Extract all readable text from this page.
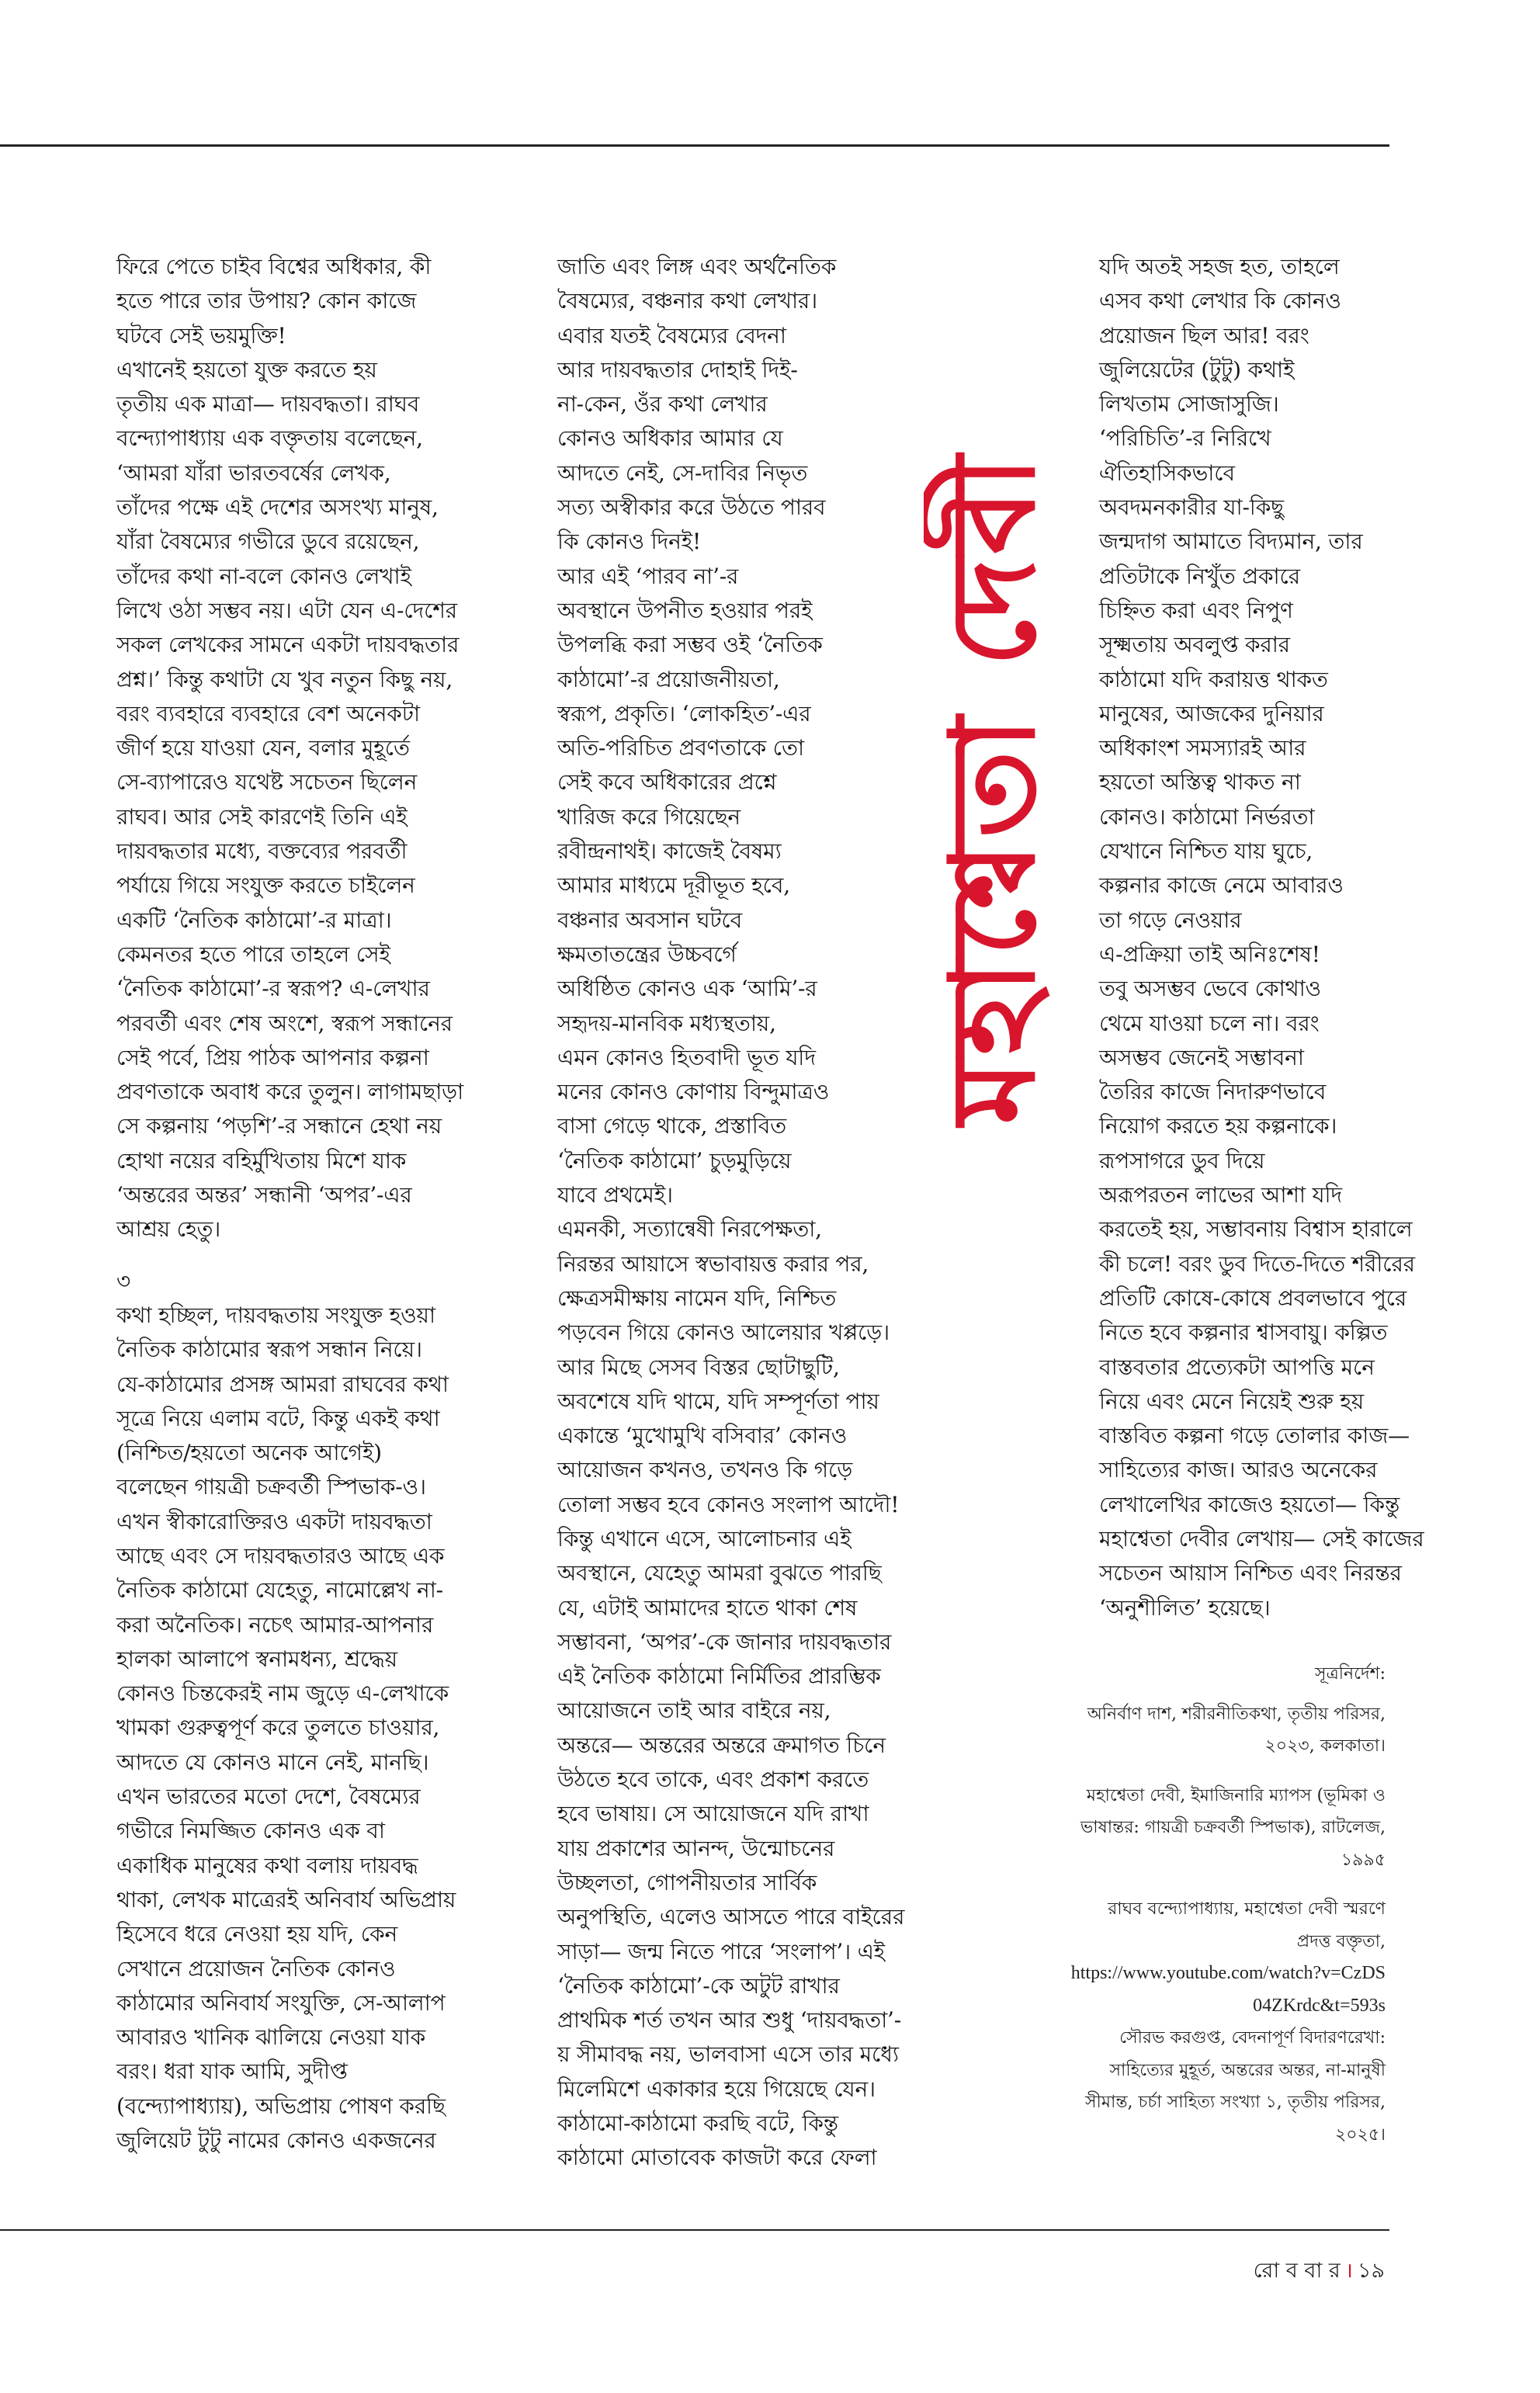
ফিরে পেতে চাইব বিশ্বের অধিকার, কী

হতে পারে তার উপায়? কোন কাজে

ঘটবে সেই ভয়মুক্তি!

এখানেই হয়তো যুক্ত করতে হয়

তৃতীয় এক মাত্রা— দায়বদ্ধতা। রাঘব

বন্দ্যোপাধ্যায় এক বক্তৃতায় বলেছেন,

‘আমরা যাঁরা ভারতবর্ষের লেখক,

তাঁদের পক্ষে এই দেশের অসংখ্য মানুষ,

যাঁরা বৈষম্যের গভীরে ডুবে রয়েছেন,

তাঁদের কথা না-বলে কোনও লেখাই

লিখে ওঠা সম্ভব নয়। এটা যেন এ-দেশের

সকল লেখকের সামনে একটা দায়বদ্ধতার

প্রশ্ন।’ কিন্তু কথাটা যে খুব নতুন কিছু নয়,

বরং ব্যবহারে ব্যবহারে বেশ অনেকটা

জীর্ণ হয়ে যাওয়া যেন, বলার মুহূর্তে

সে-ব্যাপারেও যথেষ্ট সচেতন ছিলেন

রাঘব। আর সেই কারণেই তিনি এই

দায়বদ্ধতার মধ্যে, বক্তব্যের পরবর্তী

পর্যায়ে গিয়ে সংযুক্ত করতে চাইলেন

একটি ‘নৈতিক কাঠামো’-র মাত্রা।

কেমনতর হতে পারে তাহলে সেই

‘নৈতিক কাঠামো’-র স্বরূপ? এ-লেখার

পরবর্তী এবং শেষ অংশে, স্বরূপ সন্ধানের

সেই পর্বে, প্রিয় পাঠক আপনার কল্পনা

প্রবণতাকে অবাধ করে তুলুন। লাগামছাড়া

সে কল্পনায় ‘পড়শি’-র সন্ধানে হেথা নয়

হোথা নয়ের বহির্মুখিতায় মিশে যাক

‘অন্তরের অন্তর’ সন্ধানী ‘অপর’-এর

আশ্রয় হেতু।

৩

কথা হচ্ছিল, দায়বদ্ধতায় সংযুক্ত হওয়া

নৈতিক কাঠামোর স্বরূপ সন্ধান নিয়ে।

যে-কাঠামোর প্রসঙ্গ আমরা রাঘবের কথা

সূত্রে নিয়ে এলাম বটে, কিন্তু একই কথা

(নিশ্চিত/হয়তো অনেক আগেই)

বলেছেন গায়ত্রী চক্রবর্তী স্পিভাক-ও।

এখন স্বীকারোক্তিরও একটা দায়বদ্ধতা

আছে এবং সে দায়বদ্ধতারও আছে এক

নৈতিক কাঠামো যেহেতু, নামোল্লেখ না-

করা অনৈতিক। নচেৎ আমার-আপনার

হালকা আলাপে স্বনামধন্য, শ্রদ্ধেয়

কোনও চিন্তকেরই নাম জুড়ে এ-লেখাকে

খামকা গুরুত্বপূর্ণ করে তুলতে চাওয়ার,

আদতে যে কোনও মানে নেই, মানছি।

এখন ভারতের মতো দেশে, বৈষম্যের

গভীরে নিমজ্জিত কোনও এক বা

একাধিক মানুষের কথা বলায় দায়বদ্ধ

থাকা, লেখক মাত্রেরই অনিবার্য অভিপ্রায়

হিসেবে ধরে নেওয়া হয় যদি, কেন

সেখানে প্রয়োজন নৈতিক কোনও

কাঠামোর অনিবার্য সংযুক্তি, সে-আলাপ

আবারও খানিক ঝালিয়ে নেওয়া যাক

বরং। ধরা যাক আমি, সুদীপ্ত

(বন্দ্যোপাধ্যায়), অভিপ্রায় পোষণ করছি

জুলিয়েট টুটু নামের কোনও একজনের

জাতি এবং লিঙ্গ এবং অর্থনৈতিক

বৈষম্যের, বঞ্চনার কথা লেখার।

এবার যতই বৈষম্যের বেদনা

আর দায়বদ্ধতার দোহাই দিই-

না-কেন, ওঁর কথা লেখার

কোনও অধিকার আমার যে

আদতে নেই, সে-দাবির নিভৃত

সত্য অস্বীকার করে উঠতে পারব

কি কোনও দিনই!

আর এই ‘পারব না’-র

অবস্থানে উপনীত হওয়ার পরই

উপলব্ধি করা সম্ভব ওই ‘নৈতিক

কাঠামো’-র প্রয়োজনীয়তা,

স্বরূপ, প্রকৃতি। ‘লোকহিত’-এর

অতি-পরিচিত প্রবণতাকে তো

সেই কবে অধিকারের প্রশ্নে

খারিজ করে গিয়েছেন

রবীন্দ্রনাথই। কাজেই বৈষম্য

আমার মাধ্যমে দূরীভূত হবে,

বঞ্চনার অবসান ঘটবে

ক্ষমতাতন্ত্রের উচ্চবর্গে

অধিষ্ঠিত কোনও এক ‘আমি’-র

সহৃদয়-মানবিক মধ্যস্থতায়,

এমন কোনও হিতবাদী ভূত যদি

মনের কোনও কোণায় বিন্দুমাত্রও

বাসা গেড়ে থাকে, প্রস্তাবিত

‘নৈতিক কাঠামো’ চুড়মুড়িয়ে

যাবে প্রথমেই।

এমনকী, সত্যান্বেষী নিরপেক্ষতা,

নিরন্তর আয়াসে স্বভাবায়ত্ত করার পর,

ক্ষেত্রসমীক্ষায় নামেন যদি, নিশ্চিত

পড়বেন গিয়ে কোনও আলেয়ার খপ্পড়ে।

আর মিছে সেসব বিস্তর ছোটাছুটি,

অবশেষে যদি থামে, যদি সম্পূর্ণতা পায়

একান্তে ‘মুখোমুখি বসিবার’ কোনও

আয়োজন কখনও, তখনও কি গড়ে

তোলা সম্ভব হবে কোনও সংলাপ আদৌ!

কিন্তু এখানে এসে, আলোচনার এই

অবস্থানে, যেহেতু আমরা বুঝতে পারছি

যে, এটাই আমাদের হাতে থাকা শেষ

সম্ভাবনা, ‘অপর’-কে জানার দায়বদ্ধতার

এই নৈতিক কাঠামো নির্মিতির প্রারম্ভিক

আয়োজনে তাই আর বাইরে নয়,

অন্তরে— অন্তরের অন্তরে ক্রমাগত চিনে

উঠতে হবে তাকে, এবং প্রকাশ করতে

হবে ভাষায়। সে আয়োজনে যদি রাখা

যায় প্রকাশের আনন্দ, উন্মোচনের

উচ্ছলতা, গোপনীয়তার সার্বিক

অনুপস্থিতি, এলেও আসতে পারে বাইরের

সাড়া— জন্ম নিতে পারে ‘সংলাপ’। এই

‘নৈতিক কাঠামো’-কে অটুট রাখার

প্রাথমিক শর্ত তখন আর শুধু ‘দায়বদ্ধতা’-

য় সীমাবদ্ধ নয়, ভালবাসা এসে তার মধ্যে

মিলেমিশে একাকার হয়ে গিয়েছে যেন।

কাঠামো-কাঠামো করছি বটে, কিন্তু

কাঠামো মোতাবেক কাজটা করে ফেলা

মহাশ্বেতা দেবী

যদি অতই সহজ হত, তাহলে

এসব কথা লেখার কি কোনও

প্রয়োজন ছিল আর! বরং

জুলিয়েটের (টুটু) কথাই

লিখতাম সোজাসুজি।

‘পরিচিতি’-র নিরিখে

ঐতিহাসিকভাবে

অবদমনকারীর যা-কিছু

জন্মদাগ আমাতে বিদ্যমান, তার

প্রতিটাকে নিখুঁত প্রকারে

চিহ্নিত করা এবং নিপুণ

সূক্ষ্মতায় অবলুপ্ত করার

কাঠামো যদি করায়ত্ত থাকত

মানুষের, আজকের দুনিয়ার

অধিকাংশ সমস্যারই আর

হয়তো অস্তিত্ব থাকত না

কোনও। কাঠামো নির্ভরতা

যেখানে নিশ্চিত যায় ঘুচে,

কল্পনার কাজে নেমে আবারও

তা গড়ে নেওয়ার

এ-প্রক্রিয়া তাই অনিঃশেষ!

তবু অসম্ভব ভেবে কোথাও

থেমে যাওয়া চলে না। বরং

অসম্ভব জেনেই সম্ভাবনা

তৈরির কাজে নিদারুণভাবে

নিয়োগ করতে হয় কল্পনাকে।

রূপসাগরে ডুব দিয়ে

অরূপরতন লাভের আশা যদি

করতেই হয়, সম্ভাবনায় বিশ্বাস হারালে

কী চলে! বরং ডুব দিতে-দিতে শরীরের

প্রতিটি কোষে-কোষে প্রবলভাবে পুরে

নিতে হবে কল্পনার শ্বাসবায়ু। কল্পিত

বাস্তবতার প্রত্যেকটা আপত্তি মনে

নিয়ে এবং মেনে নিয়েই শুরু হয়

বাস্তবিত কল্পনা গড়ে তোলার কাজ—

সাহিত্যের কাজ। আরও অনেকের

লেখালেখির কাজেও হয়তো— কিন্তু

মহাশ্বেতা দেবীর লেখায়— সেই কাজের

সচেতন আয়াস নিশ্চিত এবং নিরন্তর

‘অনুশীলিত’ হয়েছে।

সূত্রনির্দেশ:

অনির্বাণ দাশ, শরীরনীতিকথা, তৃতীয় পরিসর,

২০২৩, কলকাতা।

মহাশ্বেতা দেবী, ইমাজিনারি ম্যাপস (ভূমিকা ও

ভাষান্তর: গায়ত্রী চক্রবর্তী স্পিভাক), রাটলেজ,

১৯৯৫

রাঘব বন্দ্যোপাধ্যায়, মহাশ্বেতা দেবী স্মরণে

প্রদত্ত বক্তৃতা,

https://www.youtube.com/watch?v=CzDS

04ZKrdc&t=593s

সৌরভ করগুপ্ত, বেদনাপূর্ণ বিদারণরেখা:

সাহিত্যের মুহূর্ত, অন্তরের অন্তর, না-মানুষী

সীমান্ত, চর্চা সাহিত্য সংখ্যা ১, তৃতীয় পরিসর,

২০২৫।

রো ব বা র । ১৯
